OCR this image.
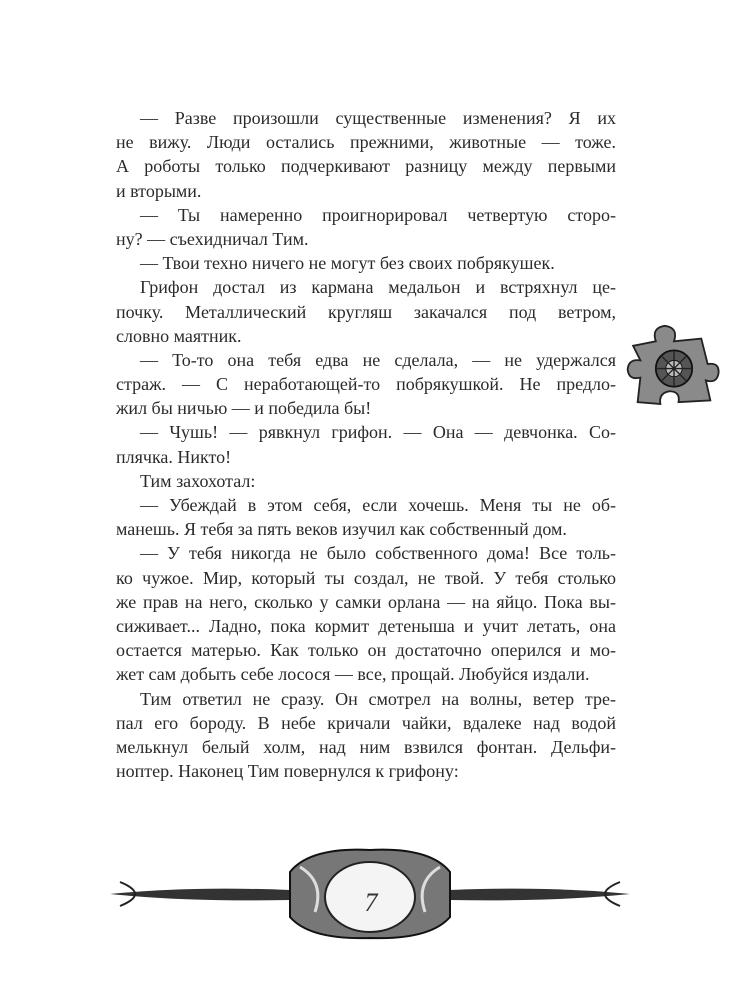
— Разве произошли существенные изменения? Я их
не вижу. Люди остались прежними, животные — тоже.
А роботы только подчеркивают разницу между первыми
и вторыми.
— Ты намеренно проигнорировал четвертую сторо-
ну? — съехидничал Тим.
— Твои техно ничего не могут без своих побрякушек.
Грифон достал из кармана медальон и встряхнул це-
почку. Металлический кругляш закачался под ветром,
словно маятник.
— То-то она тебя едва не сделала, — не удержался
страж. — С неработающей-то побрякушкой. Не предло-
жил бы ничью — и победила бы!
— Чушь! — рявкнул грифон. — Она — девчонка. Со-
плячка. Никто!
Тим захохотал:
— Убеждай в этом себя, если хочешь. Меня ты не об-
манешь. Я тебя за пять веков изучил как собственный дом.
— У тебя никогда не было собственного дома! Все толь-
ко чужое. Мир, который ты создал, не твой. У тебя столько
же прав на него, сколько у самки орлана — на яйцо. Пока вы-
сиживает... Ладно, пока кормит детеныша и учит летать, она
остается матерью. Как только он достаточно оперился и мо-
жет сам добыть себе лосося — все, прощай. Любуйся издали.
Тим ответил не сразу. Он смотрел на волны, ветер тре-
пал его бороду. В небе кричали чайки, вдалеке над водой
мелькнул белый холм, над ним взвился фонтан. Дельфи-
ноптер. Наконец Тим повернулся к грифону:
7
